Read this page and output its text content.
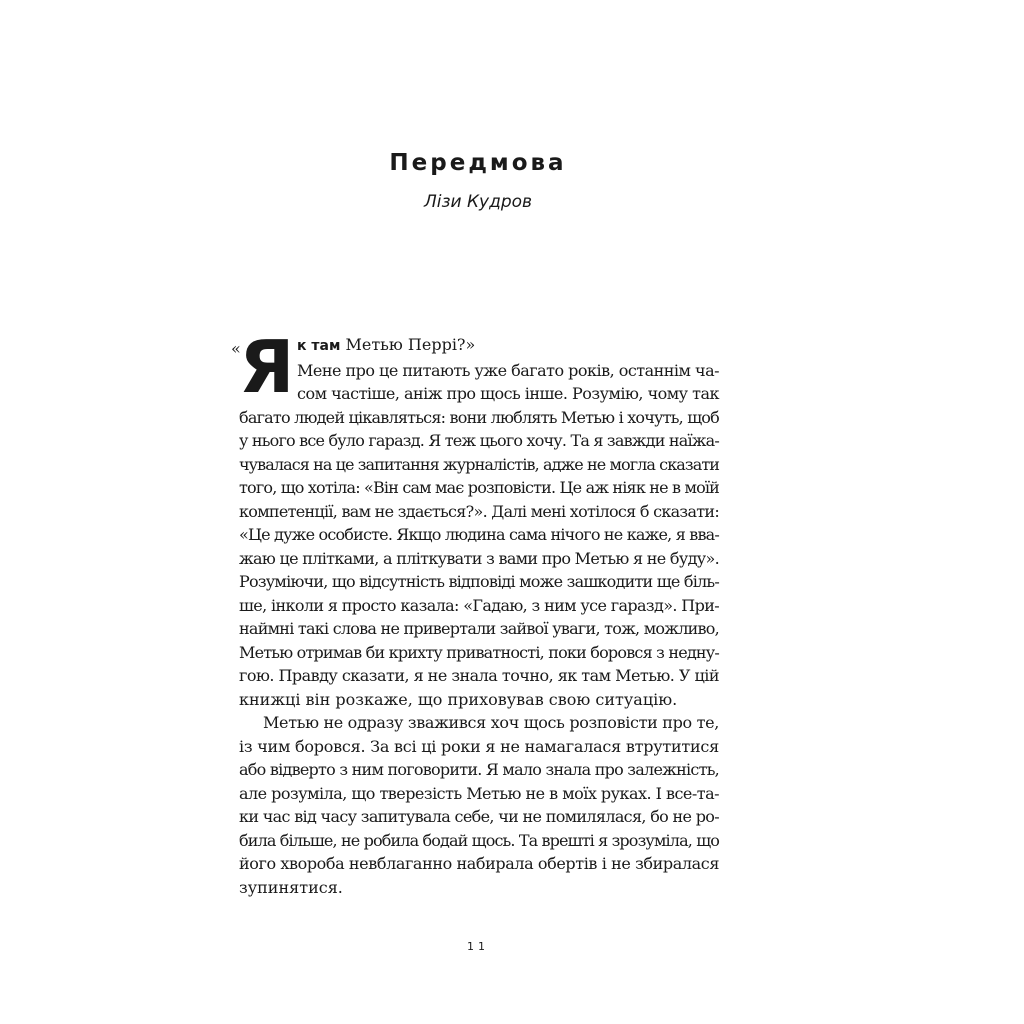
Передмова
Лізи Кудров
«
Я к там Метью Перрі?»
Мене про це питають уже багато років, останнім ча-
сом частіше, аніж про щось інше. Розумію, чому так
багато людей цікавляться: вони люблять Метью і хочуть, щоб
у нього все було гаразд. Я теж цього хочу. Та я завжди наїжа-
чувалася на це запитання журналістів, адже не могла сказати
того, що хотіла: «Він сам має розповісти. Це аж ніяк не в моїй
компетенції, вам не здається?». Далі мені хотілося б сказати:
«Це дуже особисте. Якщо людина сама нічого не каже, я вва-
жаю це плітками, а пліткувати з вами про Метью я не буду».
Розуміючи, що відсутність відповіді може зашкодити ще біль-
ше, інколи я просто казала: «Гадаю, з ним усе гаразд». При-
наймні такі слова не привертали зайвої уваги, тож, можливо,
Метью отримав би крихту приватності, поки боровся з недну-
гою. Правду сказати, я не знала точно, як там Метью. У цій
книжці він розкаже, що приховував свою ситуацію.
Метью не одразу зважився хоч щось розповісти про те,
із чим боровся. За всі ці роки я не намагалася втрутитися
або відверто з ним поговорити. Я мало знала про залежність,
але розуміла, що тверезість Метью не в моїх руках. І все-та-
ки час від часу запитувала себе, чи не помилялася, бо не ро-
била більше, не робила бодай щось. Та врешті я зрозуміла, що
його хвороба невблаганно набирала обертів і не збиралася
зупинятися.
11
